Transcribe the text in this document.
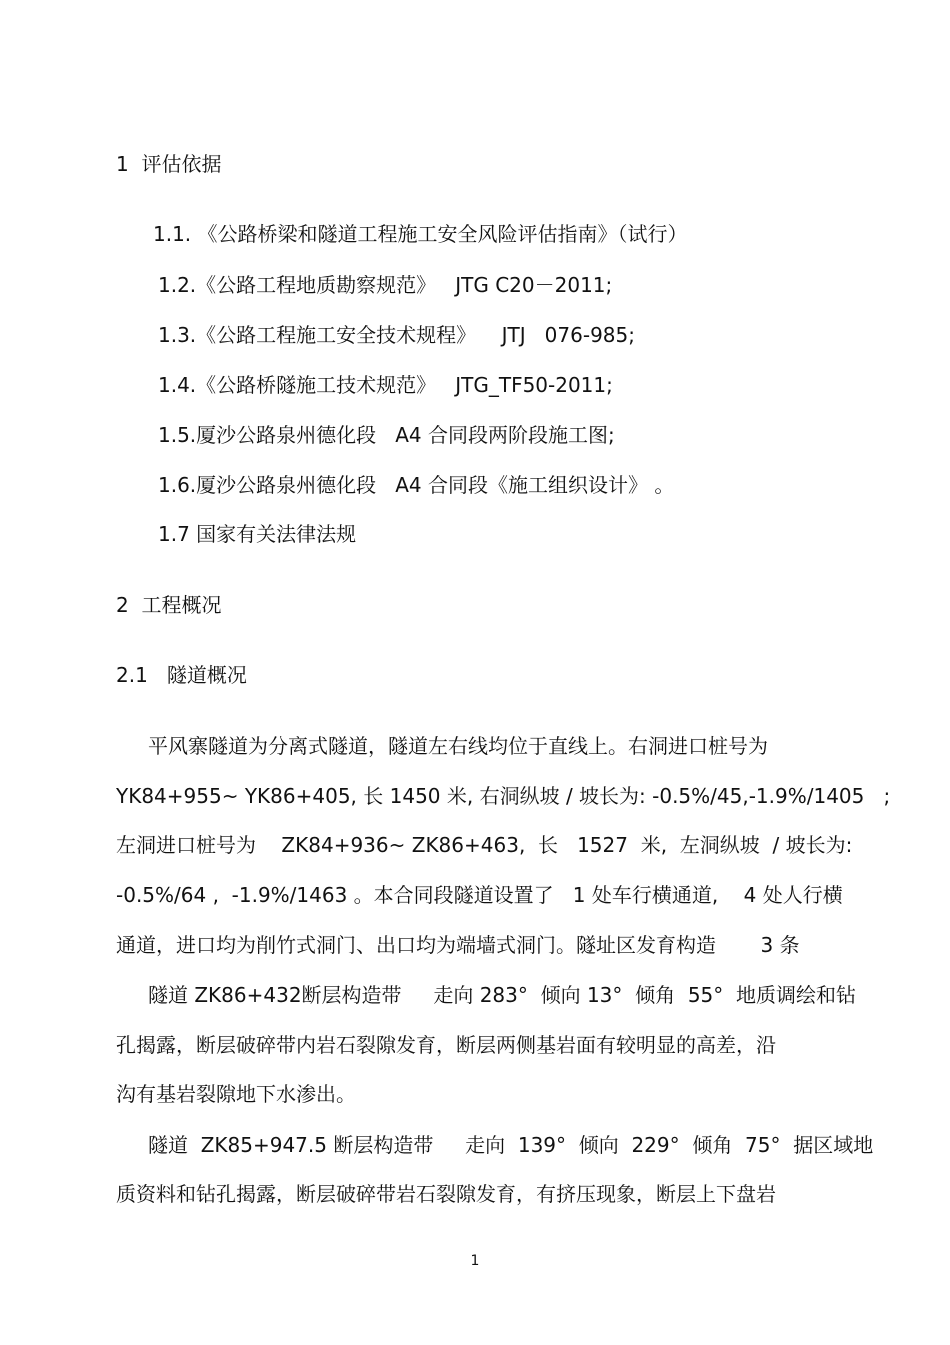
1  评估依据
1.1. 《公路桥梁和隧道工程施工安全风险评估指南》（试行）
1.2.《公路工程地质勘察规范》   JTG C20－2011;
1.3.《公路工程施工安全技术规程》    JTJ   076-985;
1.4.《公路桥隧施工技术规范》   JTG_TF50-2011;
1.5.厦沙公路泉州德化段   A4 合同段两阶段施工图;
1.6.厦沙公路泉州德化段   A4 合同段《施工组织设计》 。
1.7 国家有关法律法规
2  工程概况
2.1   隧道概况
平风寨隧道为分离式隧道，隧道左右线均位于直线上。右洞进口桩号为
YK84+955~ YK86+405, 长 1450 米, 右洞纵坡 / 坡长为: -0.5%/45,-1.9%/1405   ;
左洞进口桩号为    ZK84+936~ ZK86+463,  长   1527  米,  左洞纵坡  / 坡长为:
-0.5%/64 ,  -1.9%/1463 。本合同段隧道设置了   1 处车行横通道,    4 处人行横
通道，进口均为削竹式洞门、出口均为端墙式洞门。隧址区发育构造       3 条
隧道 ZK86+432断层构造带     走向 283°  倾向 13°  倾角  55°  地质调绘和钻
孔揭露，断层破碎带内岩石裂隙发育，断层两侧基岩面有较明显的高差，沿
沟有基岩裂隙地下水渗出。
隧道  ZK85+947.5 断层构造带     走向  139°  倾向  229°  倾角  75°  据区域地
质资料和钻孔揭露，断层破碎带岩石裂隙发育，有挤压现象，断层上下盘岩
1
